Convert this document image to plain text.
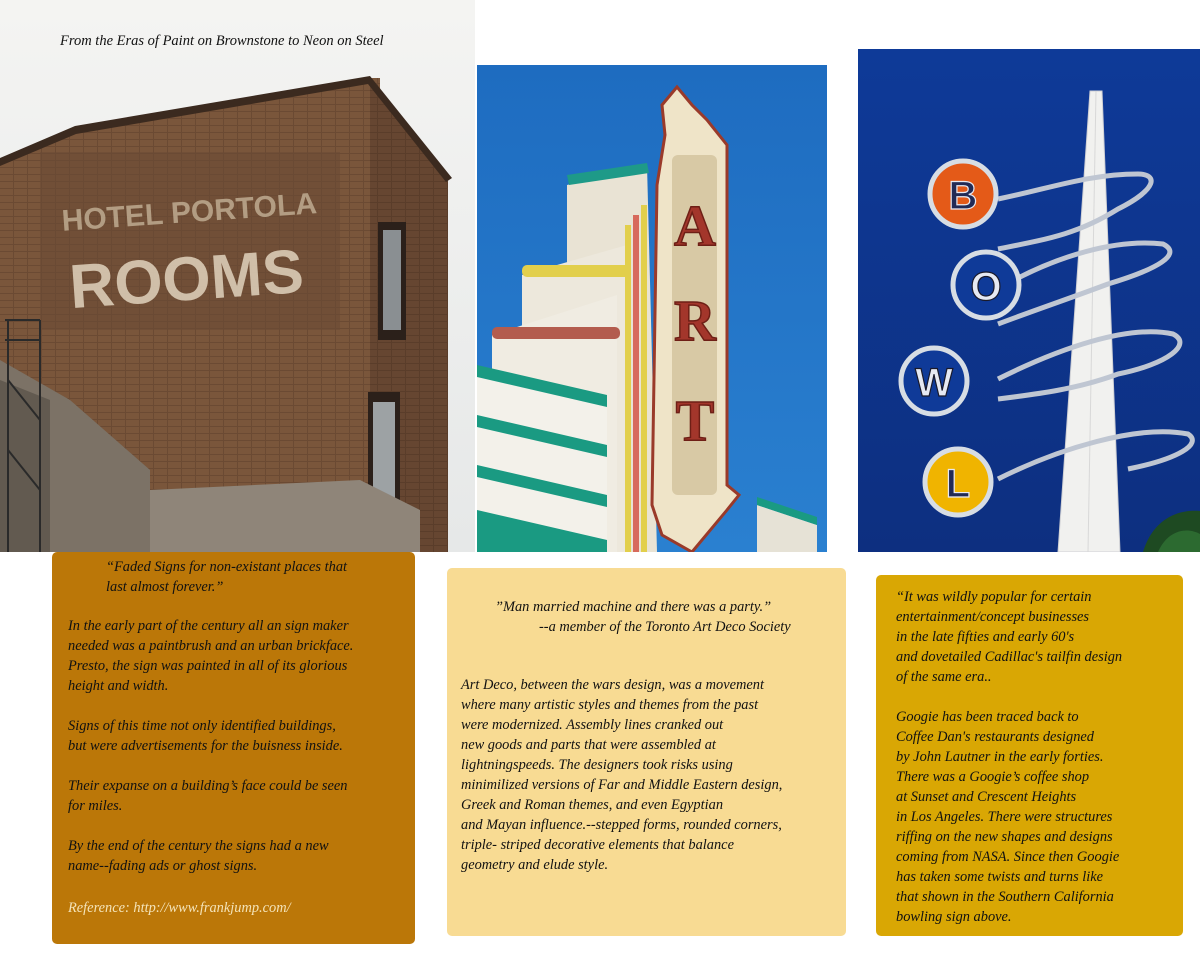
HOTEL PORTOLA
ROOMS
From the Eras of Paint on Brownstone to Neon on Steel
A R T
B
O
W
L

“Faded Signs for non-existant places that
last almost forever.”

In the early part of the century all an sign maker
needed was a paintbrush and an urban brickface.
Presto, the sign was painted in all of its glorious
height and width.

Signs of this time not only identified buildings,
but were advertisements for the buisness inside.

Their expanse on a building’s face could be seen
for miles.

By the end of the century the signs had a new
name--fading ads or ghost signs.

Reference: http://www.frankjump.com/

”Man married machine and there was a party.”

--a member of the Toronto Art Deco Society

Art Deco, between the wars design, was a movement
where many artistic styles and themes from the past
were modernized. Assembly lines cranked out
new goods and parts that were assembled at
lightningspeeds. The designers took risks using
minimilized versions of Far and Middle Eastern design,
Greek and Roman themes, and even Egyptian
and Mayan influence.--stepped forms, rounded corners,
triple- striped decorative elements that balance
geometry and elude style.

“It was wildly popular for certain
entertainment/concept businesses
in the late fifties and early 60's
and dovetailed Cadillac's tailfin design
of the same era..

Googie has been traced back to
Coffee Dan's restaurants designed
by John Lautner in the early forties.
There was a Googie’s coffee shop
at Sunset and Crescent Heights
in Los Angeles. There were structures
riffing on the new shapes and designs
coming from NASA. Since then Googie
has taken some twists and turns like
that shown in the Southern California
bowling sign above.
